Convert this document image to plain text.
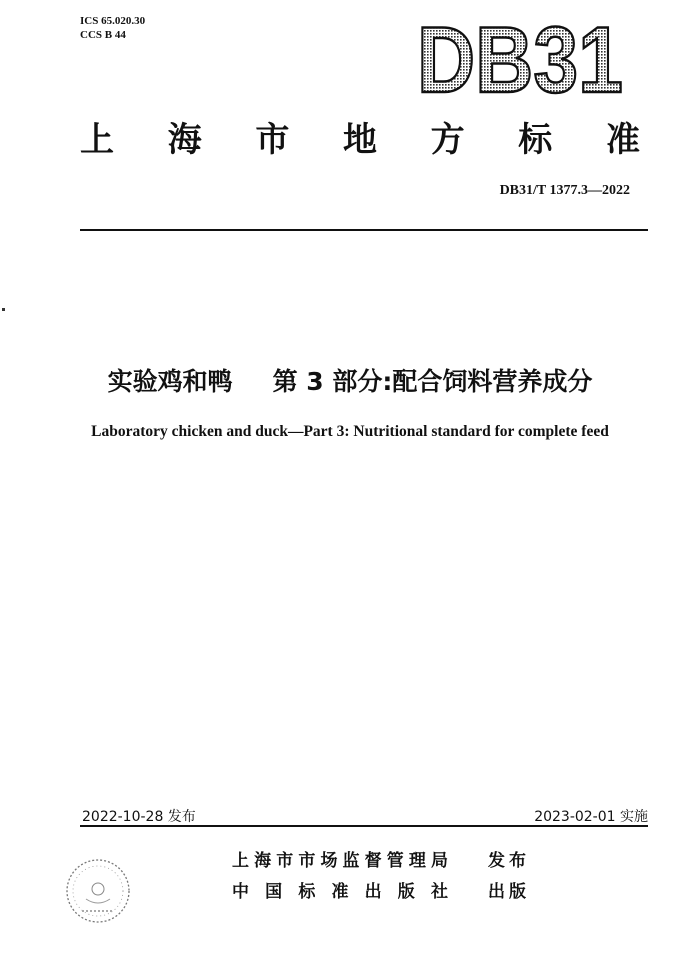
ICS 65.020.30
CCS B 44	DB31
上 海 市 地 方 标 准
DB31/T 1377.3—2022
实验鸡和鸭 第 3 部分:配合饲料营养成分
Laboratory chicken and duck—Part 3: Nutritional standard for complete feed
2022-10-28 发布	2023-02-01 实施
上 海 市 市 场 监 督 管 理 局 发 布
中 国 标 准 出 版 社 出 版
